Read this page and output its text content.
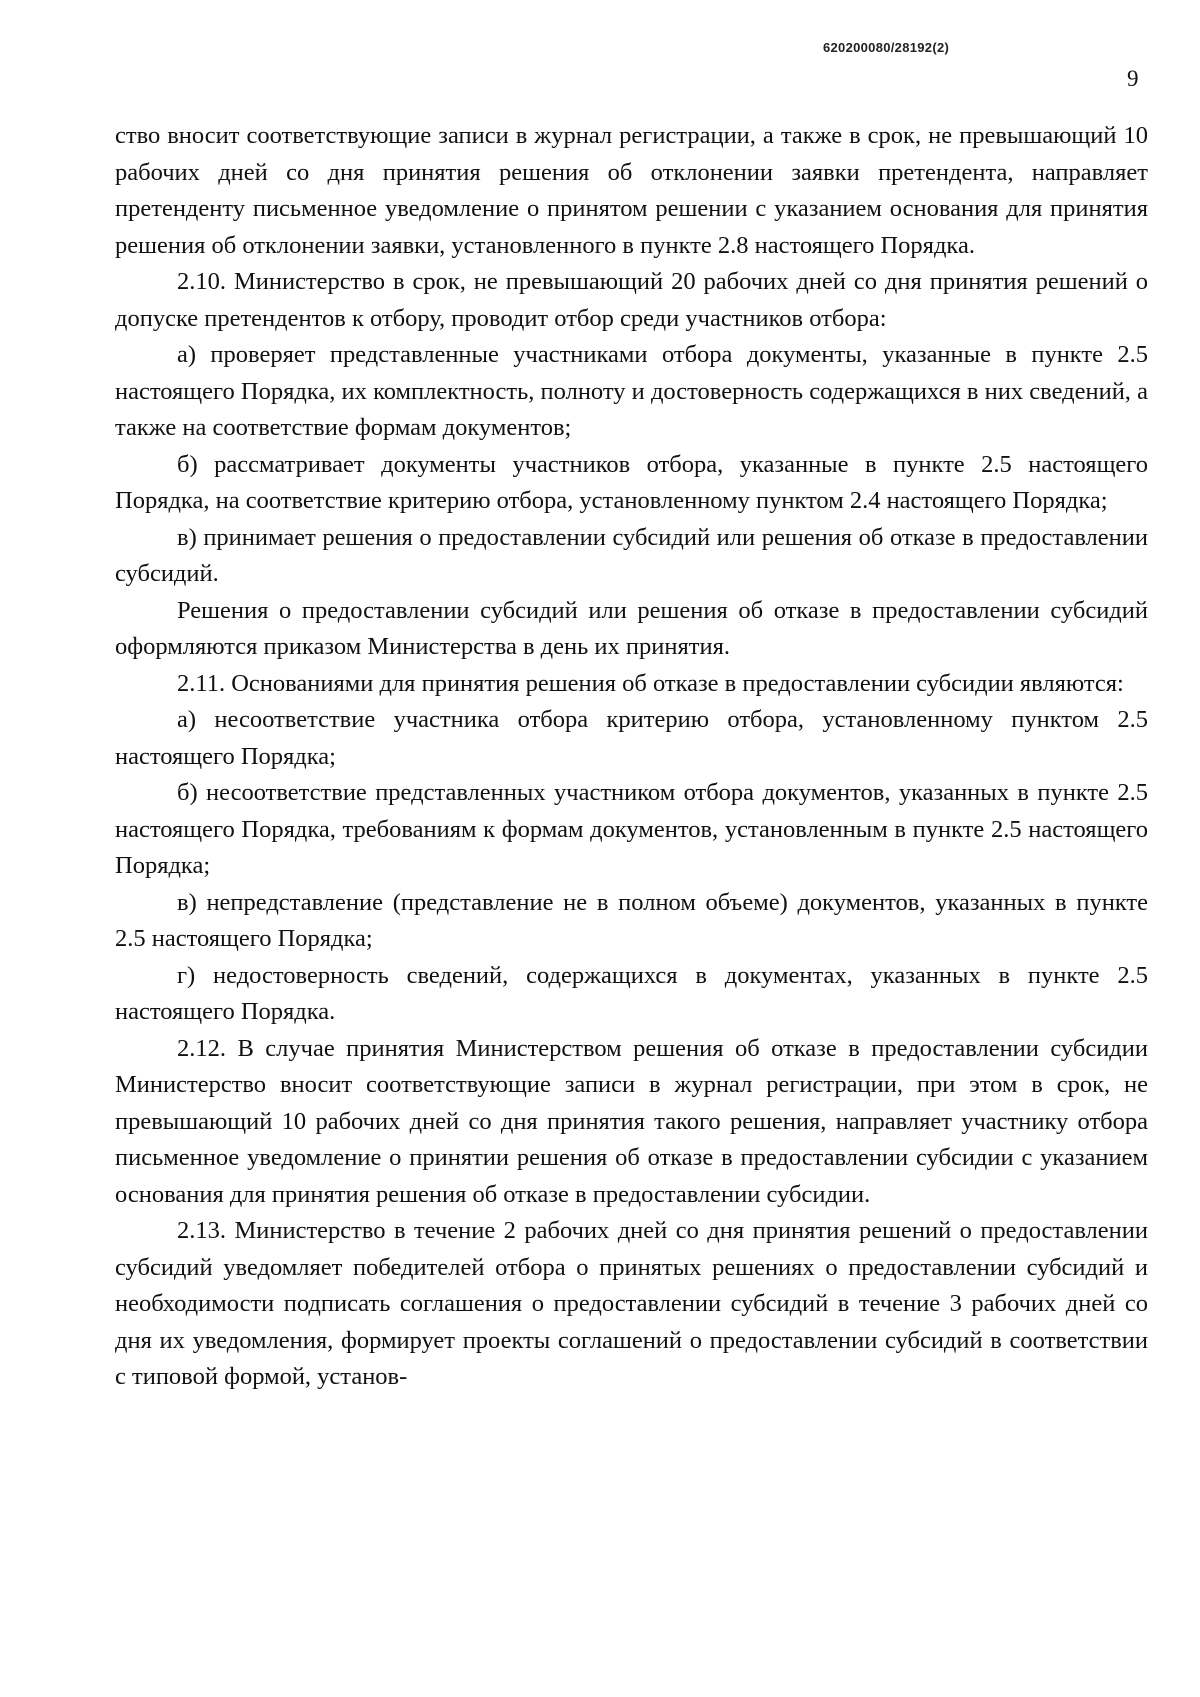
620200080/28192(2)
9

ство вносит соответствующие записи в журнал регистрации, а также в срок, не превышающий 10 рабочих дней со дня принятия решения об отклонении заявки претендента, направляет претенденту письменное уведомление о принятом решении с указанием основания для принятия решения об отклонении заявки, установленного в пункте 2.8 настоящего Порядка.

2.10. Министерство в срок, не превышающий 20 рабочих дней со дня принятия решений о допуске претендентов к отбору, проводит отбор среди участников отбора:

а) проверяет представленные участниками отбора документы, указанные в пункте 2.5 настоящего Порядка, их комплектность, полноту и достоверность содержащихся в них сведений, а также на соответствие формам документов;

б) рассматривает документы участников отбора, указанные в пункте 2.5 настоящего Порядка, на соответствие критерию отбора, установленному пунктом 2.4 настоящего Порядка;

в) принимает решения о предоставлении субсидий или решения об отказе в предоставлении субсидий.

Решения о предоставлении субсидий или решения об отказе в предоставлении субсидий оформляются приказом Министерства в день их принятия.

2.11. Основаниями для принятия решения об отказе в предоставлении субсидии являются:

а) несоответствие участника отбора критерию отбора, установленному пунктом 2.5 настоящего Порядка;

б) несоответствие представленных участником отбора документов, указанных в пункте 2.5 настоящего Порядка, требованиям к формам документов, установленным в пункте 2.5 настоящего Порядка;

в) непредставление (представление не в полном объеме) документов, указанных в пункте 2.5 настоящего Порядка;

г) недостоверность сведений, содержащихся в документах, указанных в пункте 2.5 настоящего Порядка.

2.12. В случае принятия Министерством решения об отказе в предоставлении субсидии Министерство вносит соответствующие записи в журнал регистрации, при этом в срок, не превышающий 10 рабочих дней со дня принятия такого решения, направляет участнику отбора письменное уведомление о принятии решения об отказе в предоставлении субсидии с указанием основания для принятия решения об отказе в предоставлении субсидии.

2.13. Министерство в течение 2 рабочих дней со дня принятия решений о предоставлении субсидий уведомляет победителей отбора о принятых решениях о предоставлении субсидий и необходимости подписать соглашения о предоставлении субсидий в течение 3 рабочих дней со дня их уведомления, формирует проекты соглашений о предоставлении субсидий в соответствии с типовой формой, установ-
